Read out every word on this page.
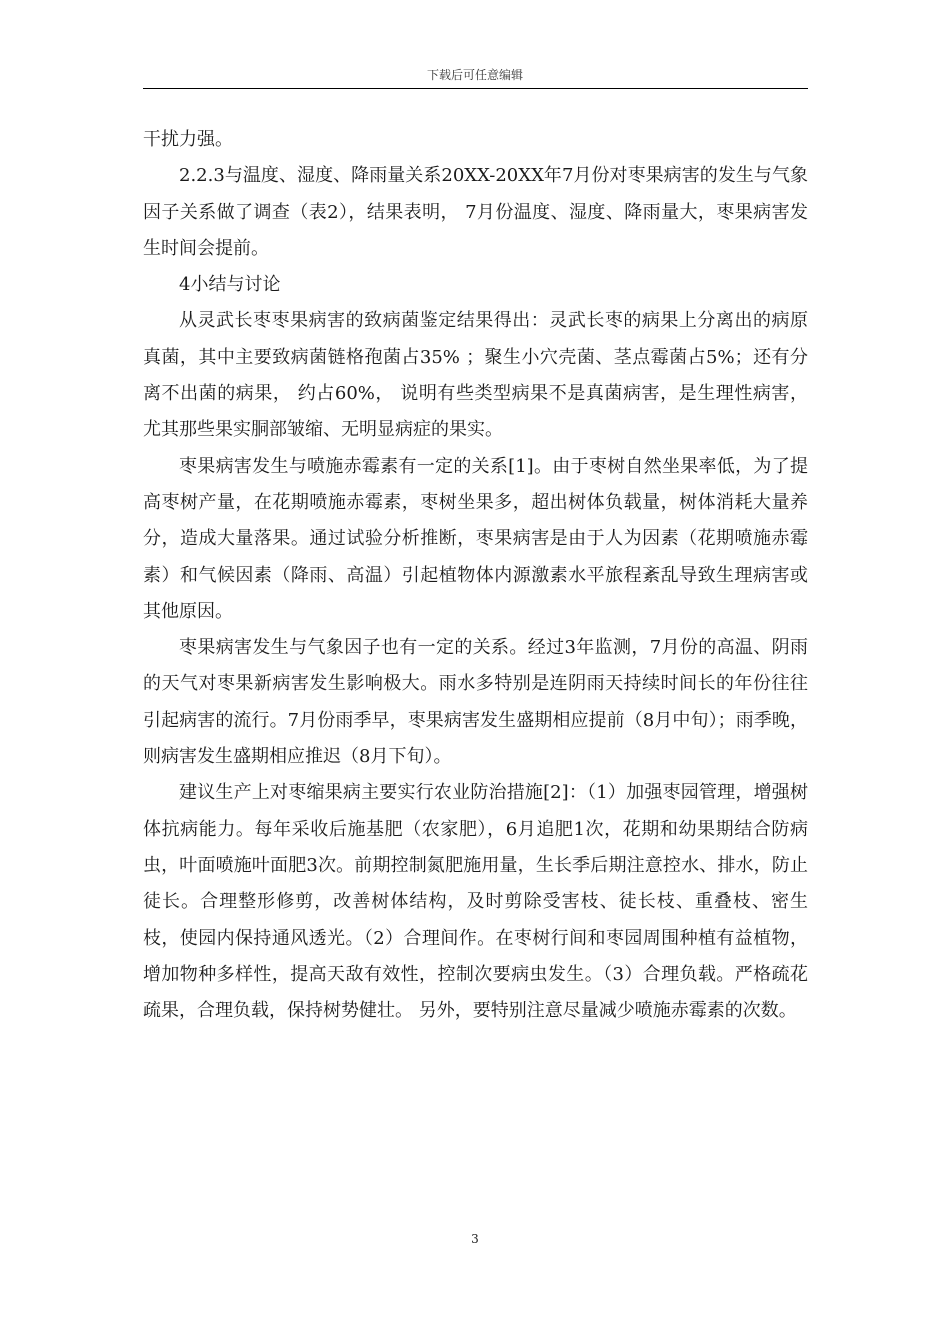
下载后可任意编辑

干扰力强。

2.2.3与温度、湿度、降雨量关系20XX-20XX年7月份对枣果病害的发生与气象因子关系做了调查（表2），结果表明， 7月份温度、湿度、降雨量大，枣果病害发生时间会提前。

4小结与讨论

从灵武长枣枣果病害的致病菌鉴定结果得出：灵武长枣的病果上分离出的病原真菌，其中主要致病菌链格孢菌占35% ；聚生小穴壳菌、茎点霉菌占5%；还有分离不出菌的病果， 约占60%， 说明有些类型病果不是真菌病害，是生理性病害， 尤其那些果实胴部皱缩、无明显病症的果实。

枣果病害发生与喷施赤霉素有一定的关系[1]。由于枣树自然坐果率低，为了提高枣树产量，在花期喷施赤霉素，枣树坐果多，超出树体负载量，树体消耗大量养分，造成大量落果。通过试验分析推断，枣果病害是由于人为因素（花期喷施赤霉素）和气候因素（降雨、高温）引起植物体内源激素水平旅程紊乱导致生理病害或其他原因。

枣果病害发生与气象因子也有一定的关系。经过3年监测，7月份的高温、阴雨的天气对枣果新病害发生影响极大。雨水多特别是连阴雨天持续时间长的年份往往引起病害的流行。7月份雨季早，枣果病害发生盛期相应提前（8月中旬）；雨季晚，则病害发生盛期相应推迟（8月下旬）。

建议生产上对枣缩果病主要实行农业防治措施[2]：（1）加强枣园管理，增强树体抗病能力。每年采收后施基肥（农家肥），6月追肥1次，花期和幼果期结合防病虫，叶面喷施叶面肥3次。前期控制氮肥施用量，生长季后期注意控水、排水，防止徒长。合理整形修剪，改善树体结构，及时剪除受害枝、徒长枝、重叠枝、密生枝，使园内保持通风透光。（2）合理间作。在枣树行间和枣园周围种植有益植物，增加物种多样性，提高天敌有效性，控制次要病虫发生。（3）合理负载。严格疏花疏果，合理负载，保持树势健壮。 另外，要特别注意尽量减少喷施赤霉素的次数。

3
